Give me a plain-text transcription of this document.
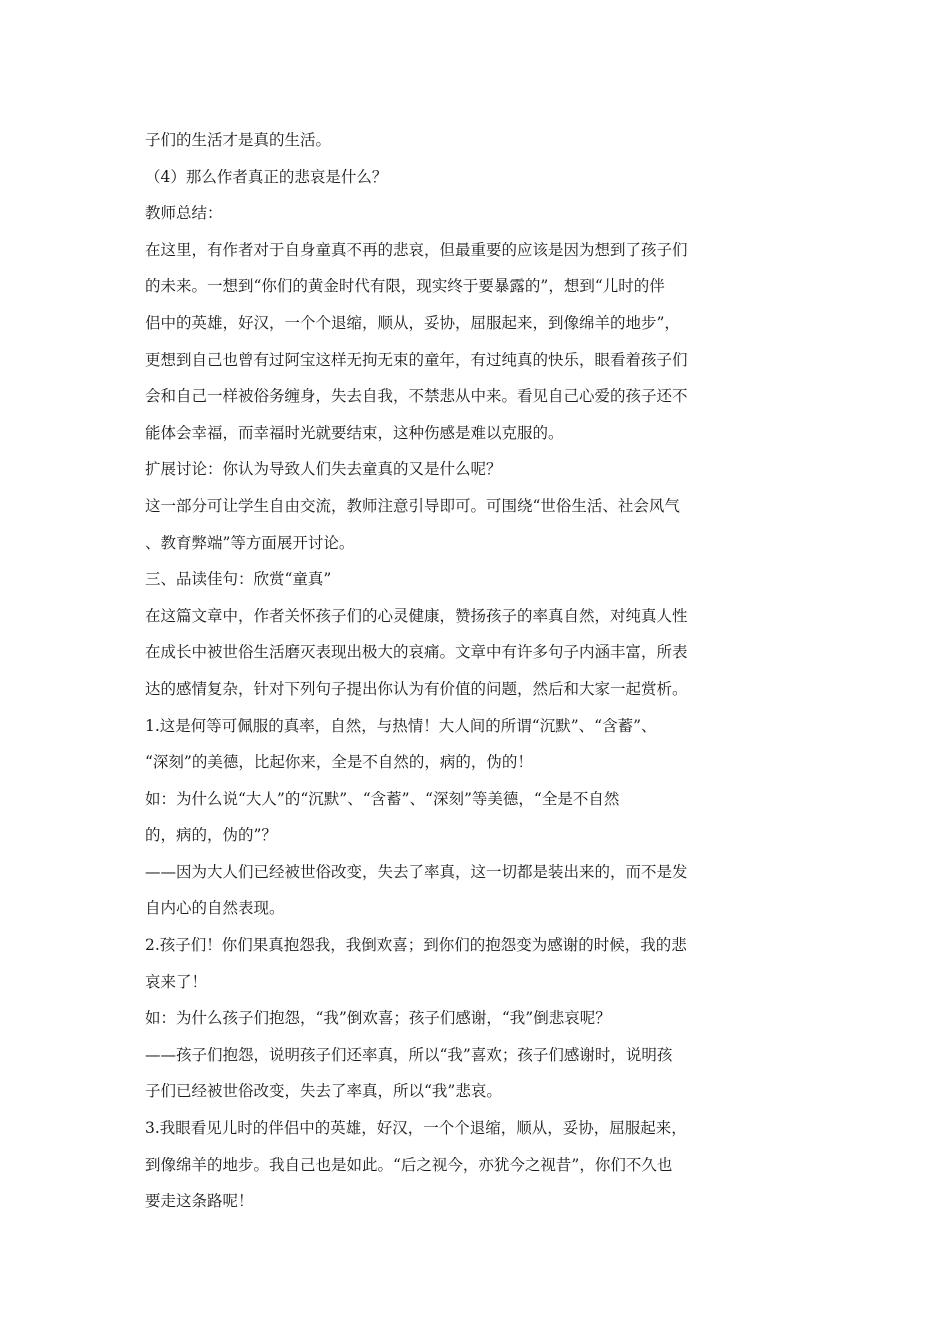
子们的生活才是真的生活。
（4）那么作者真正的悲哀是什么？
教师总结：
在这里，有作者对于自身童真不再的悲哀，但最重要的应该是因为想到了孩子们
的未来。一想到“你们的黄金时代有限，现实终于要暴露的”，想到“儿时的伴
侣中的英雄，好汉，一个个退缩，顺从，妥协，屈服起来，到像绵羊的地步”，
更想到自己也曾有过阿宝这样无拘无束的童年，有过纯真的快乐，眼看着孩子们
会和自己一样被俗务缠身，失去自我，不禁悲从中来。看见自己心爱的孩子还不
能体会幸福，而幸福时光就要结束，这种伤感是难以克服的。
扩展讨论：你认为导致人们失去童真的又是什么呢？
这一部分可让学生自由交流，教师注意引导即可。可围绕“世俗生活、社会风气
、教育弊端”等方面展开讨论。
三、品读佳句：欣赏“童真”
在这篇文章中，作者关怀孩子们的心灵健康，赞扬孩子的率真自然，对纯真人性
在成长中被世俗生活磨灭表现出极大的哀痛。文章中有许多句子内涵丰富，所表
达的感情复杂，针对下列句子提出你认为有价值的问题，然后和大家一起赏析。
1.这是何等可佩服的真率，自然，与热情！大人间的所谓“沉默”、“含蓄”、
“深刻”的美德，比起你来，全是不自然的，病的，伪的！
如：为什么说“大人”的“沉默”、“含蓄”、“深刻”等美德，“全是不自然
的，病的，伪的”？
——因为大人们已经被世俗改变，失去了率真，这一切都是装出来的，而不是发
自内心的自然表现。
2.孩子们！你们果真抱怨我，我倒欢喜；到你们的抱怨变为感谢的时候，我的悲
哀来了！
如：为什么孩子们抱怨，“我”倒欢喜；孩子们感谢，“我”倒悲哀呢？
——孩子们抱怨，说明孩子们还率真，所以“我”喜欢；孩子们感谢时，说明孩
子们已经被世俗改变，失去了率真，所以“我”悲哀。
3.我眼看见儿时的伴侣中的英雄，好汉，一个个退缩，顺从，妥协，屈服起来，
到像绵羊的地步。我自己也是如此。“后之视今，亦犹今之视昔”，你们不久也
要走这条路呢！
